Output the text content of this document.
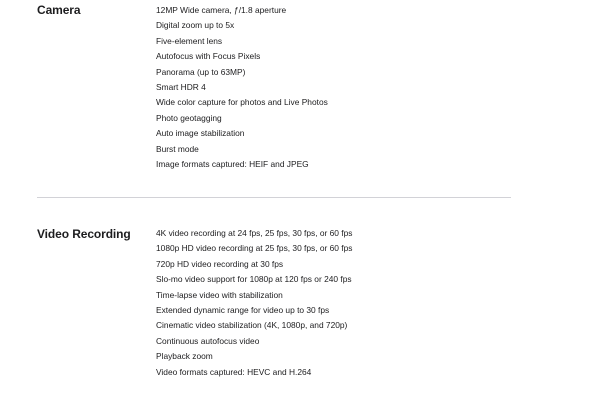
Camera	12MP Wide camera, ƒ/1.8 aperture
Digital zoom up to 5x
Five-element lens
Autofocus with Focus Pixels
Panorama (up to 63MP)
Smart HDR 4
Wide color capture for photos and Live Photos
Photo geotagging
Auto image stabilization
Burst mode
Image formats captured: HEIF and JPEG
Video Recording	4K video recording at 24 fps, 25 fps, 30 fps, or 60 fps
1080p HD video recording at 25 fps, 30 fps, or 60 fps
720p HD video recording at 30 fps
Slo-mo video support for 1080p at 120 fps or 240 fps
Time-lapse video with stabilization
Extended dynamic range for video up to 30 fps
Cinematic video stabilization (4K, 1080p, and 720p)
Continuous autofocus video
Playback zoom
Video formats captured: HEVC and H.264
